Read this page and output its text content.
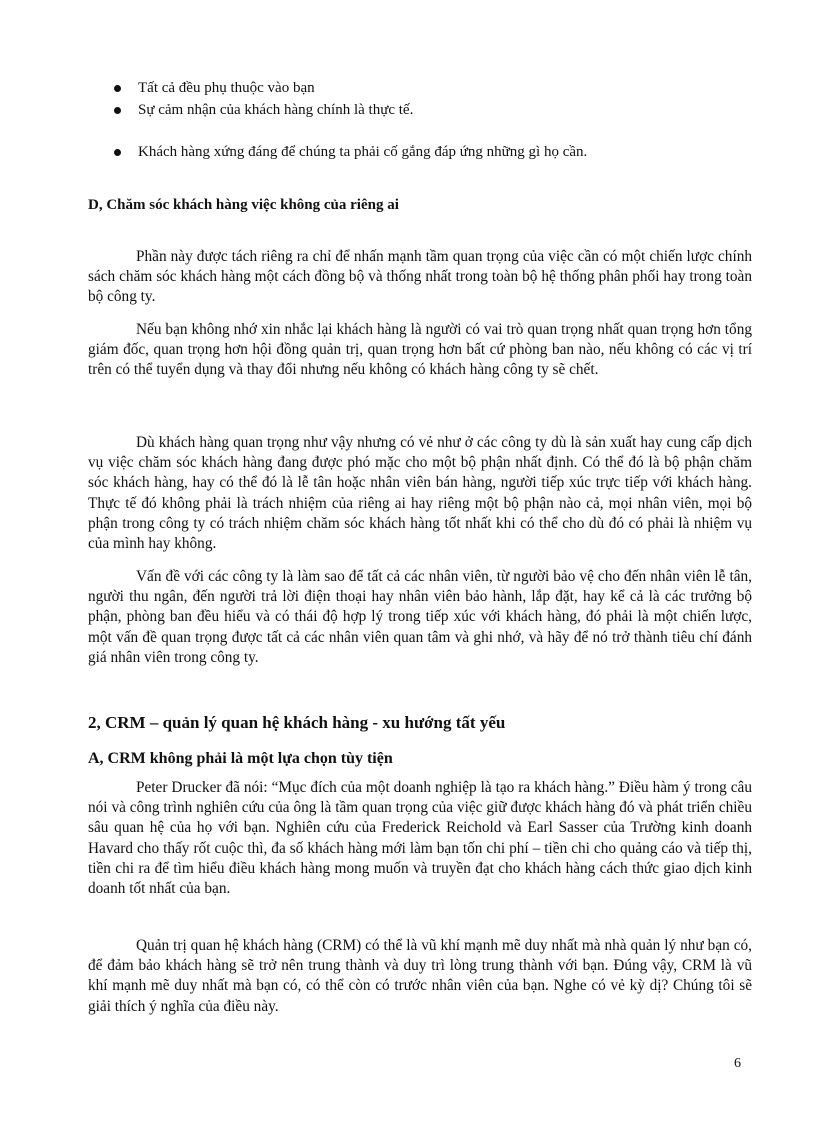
Tất cả đều phụ thuộc vào bạn
Sự cảm nhận của khách hàng chính là thực tế.
Khách hàng xứng đáng để chúng ta phải cố gắng đáp ứng những gì họ cần.
D, Chăm sóc khách hàng việc không của riêng ai

Phần này được tách riêng ra chỉ để nhấn mạnh tầm quan trọng của việc cần có một chiến lược chính sách chăm sóc khách hàng một cách đồng bộ và thống nhất trong toàn bộ hệ thống phân phối hay trong toàn bộ công ty.

Nếu bạn không nhớ xin nhắc lại khách hàng là người có vai trò quan trọng nhất quan trọng hơn tổng giám đốc, quan trọng hơn hội đồng quản trị, quan trọng hơn bất cứ phòng ban nào, nếu không có các vị trí trên có thể tuyển dụng và thay đổi nhưng nếu không có khách hàng công ty sẽ chết.

Dù khách hàng quan trọng như vậy nhưng có vẻ như ở các công ty dù là sản xuất hay cung cấp dịch vụ việc chăm sóc khách hàng đang được phó mặc cho một bộ phận nhất định. Có thể đó là bộ phận chăm sóc khách hàng, hay có thể đó là lễ tân hoặc nhân viên bán hàng, người tiếp xúc trực tiếp với khách hàng. Thực tế đó không phải là trách nhiệm của riêng ai hay riêng một bộ phận nào cả, mọi nhân viên, mọi bộ phận trong công ty có trách nhiệm chăm sóc khách hàng tốt nhất khi có thể cho dù đó có phải là nhiệm vụ của mình hay không.

Vấn đề với các công ty là làm sao để tất cả các nhân viên, từ người bảo vệ cho đến nhân viên lễ tân, người thu ngân, đến người trả lời điện thoại hay nhân viên bảo hành, lắp đặt, hay kể cả là các trưởng bộ phận, phòng ban đều hiểu và có thái độ hợp lý trong tiếp xúc với khách hàng, đó phải là một chiến lược, một vấn đề quan trọng được tất cả các nhân viên quan tâm và ghi nhớ, và hãy để nó trở thành tiêu chí đánh giá nhân viên trong công ty.

2, CRM – quản lý quan hệ khách hàng - xu hướng tất yếu
A, CRM không phải là một lựa chọn tùy tiện

Peter Drucker đã nói: “Mục đích của một doanh nghiệp là tạo ra khách hàng.” Điều hàm ý trong câu nói và công trình nghiên cứu của ông là tầm quan trọng của việc giữ được khách hàng đó và phát triển chiều sâu quan hệ của họ với bạn. Nghiên cứu của Frederick Reichold và Earl Sasser của Trường kinh doanh Havard cho thấy rốt cuộc thì, đa số khách hàng mới làm bạn tốn chi phí – tiền chi cho quảng cáo và tiếp thị, tiền chi ra để tìm hiểu điều khách hàng mong muốn và truyền đạt cho khách hàng cách thức giao dịch kinh doanh tốt nhất của bạn.

Quản trị quan hệ khách hàng (CRM) có thể là vũ khí mạnh mẽ duy nhất mà nhà quản lý như bạn có, để đảm bảo khách hàng sẽ trở nên trung thành và duy trì lòng trung thành với bạn. Đúng vậy, CRM là vũ khí mạnh mẽ duy nhất mà bạn có, có thể còn có trước nhân viên của bạn. Nghe có vẻ kỳ dị? Chúng tôi sẽ giải thích ý nghĩa của điều này.

6
